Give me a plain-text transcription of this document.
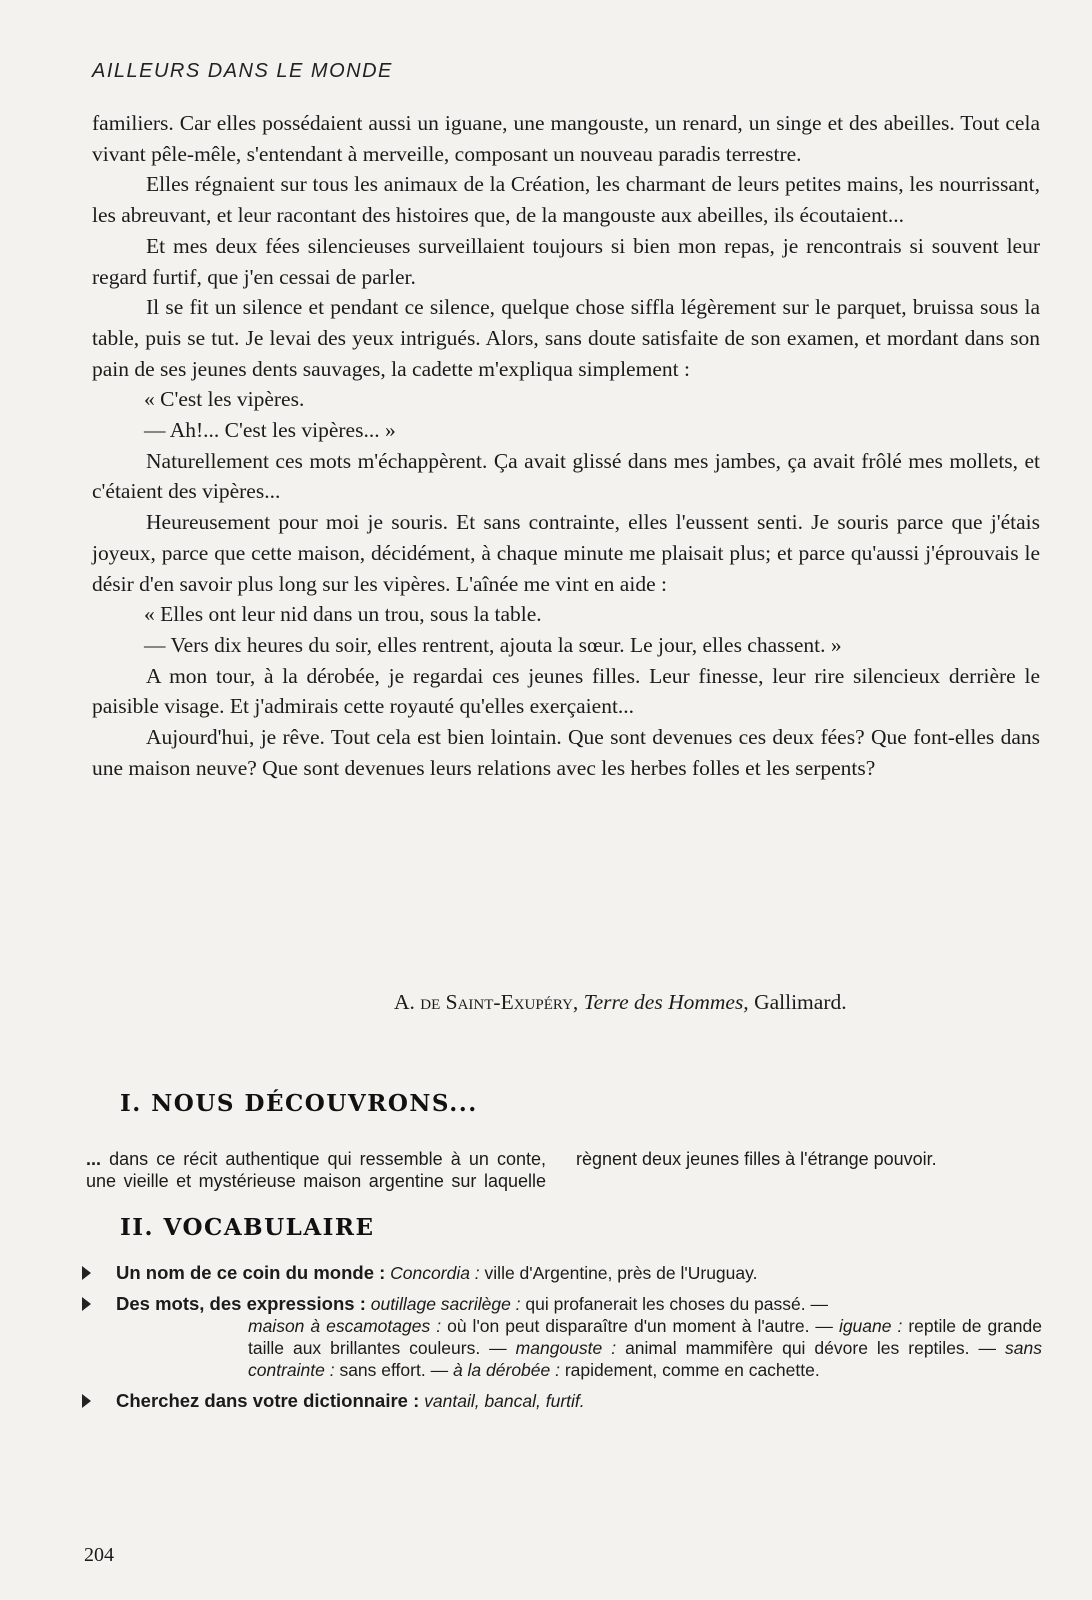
AILLEURS DANS LE MONDE

familiers. Car elles possédaient aussi un iguane, une mangouste, un renard, un singe et des abeilles. Tout cela vivant pêle-mêle, s'entendant à merveille, composant un nouveau paradis terrestre.

Elles régnaient sur tous les animaux de la Création, les charmant de leurs petites mains, les nourrissant, les abreuvant, et leur racontant des histoires que, de la mangouste aux abeilles, ils écoutaient...

Et mes deux fées silencieuses surveillaient toujours si bien mon repas, je rencontrais si souvent leur regard furtif, que j'en cessai de parler.

Il se fit un silence et pendant ce silence, quelque chose siffla légèrement sur le parquet, bruissa sous la table, puis se tut. Je levai des yeux intrigués. Alors, sans doute satisfaite de son examen, et mordant dans son pain de ses jeunes dents sauvages, la cadette m'expliqua simplement :

« C'est les vipères.

— Ah!... C'est les vipères... »

Naturellement ces mots m'échappèrent. Ça avait glissé dans mes jambes, ça avait frôlé mes mollets, et c'étaient des vipères...

Heureusement pour moi je souris. Et sans contrainte, elles l'eussent senti. Je souris parce que j'étais joyeux, parce que cette maison, décidément, à chaque minute me plaisait plus; et parce qu'aussi j'éprouvais le désir d'en savoir plus long sur les vipères. L'aînée me vint en aide :

« Elles ont leur nid dans un trou, sous la table.

— Vers dix heures du soir, elles rentrent, ajouta la sœur. Le jour, elles chassent. »

A mon tour, à la dérobée, je regardai ces jeunes filles. Leur finesse, leur rire silencieux derrière le paisible visage. Et j'admirais cette royauté qu'elles exerçaient...

Aujourd'hui, je rêve. Tout cela est bien lointain. Que sont devenues ces deux fées? Que font-elles dans une maison neuve? Que sont devenues leurs relations avec les herbes folles et les serpents?

A. de Saint-Exupéry, Terre des Hommes, Gallimard.
I. NOUS DÉCOUVRONS...
... dans ce récit authentique qui ressemble à un conte, une vieille et mystérieuse maison argentine sur laquelle règnent deux jeunes filles à l'étrange pouvoir.
II. VOCABULAIRE
Un nom de ce coin du monde : Concordia : ville d'Argentine, près de l'Uruguay.
Des mots, des expressions : outillage sacrilège : qui profanerait les choses du passé. —
maison à escamotages : où l'on peut disparaître d'un moment à l'autre. — iguane : reptile de grande taille aux brillantes couleurs. — mangouste : animal mammifère qui dévore les reptiles. — sans contrainte : sans effort. — à la dérobée : rapidement, comme en cachette.
Cherchez dans votre dictionnaire : vantail, bancal, furtif.
204
